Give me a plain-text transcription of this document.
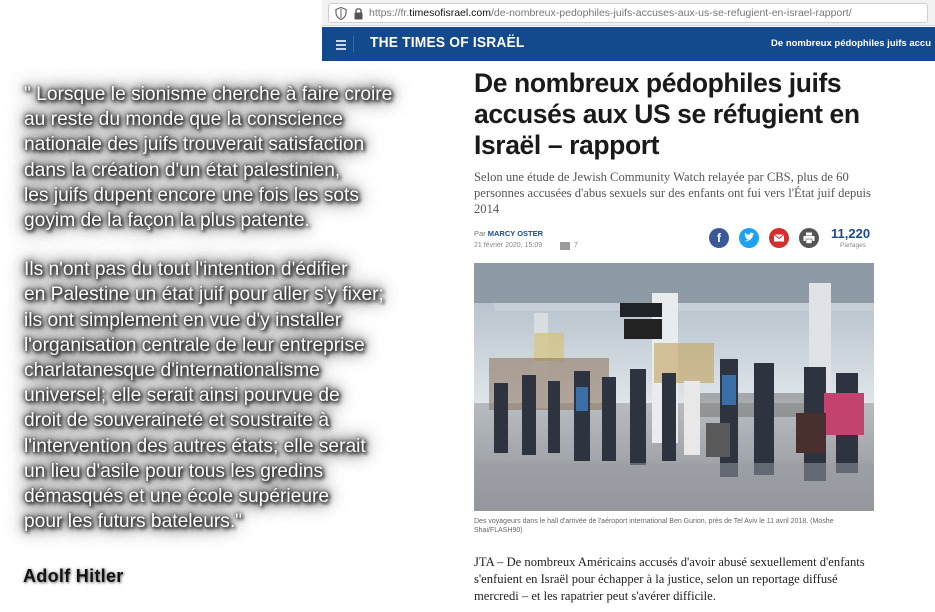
https://fr.timesofisrael.com/de-nombreux-pedophiles-juifs-accuses-aux-us-se-refugient-en-israel-rapport/
THE TIMES OF ISRAËL	De nombreux pédophiles juifs accu
De nombreux pédophiles juifs accusés aux US se réfugient en Israël – rapport
Selon une étude de Jewish Community Watch relayée par CBS, plus de 60 personnes accusées d'abus sexuels sur des enfants ont fui vers l'État juif depuis 2014
Par MARCY OSTER
21 février 2020, 15:09	7
f	11,220
Partages
Des voyageurs dans le hall d'arrivée de l'aéroport international Ben Gurion, près de Tel Aviv le 11 avril 2018. (Moshe Shai/FLASH90)
JTA – De nombreux Américains accusés d'avoir abusé sexuellement d'enfants s'enfuient en Israël pour échapper à la justice, selon un reportage diffusé mercredi – et les rapatrier peut s'avérer difficile.

" Lorsque le sionisme cherche à faire croire
au reste du monde que la conscience
nationale des juifs trouverait satisfaction
dans la création d'un état palestinien,
les juifs dupent encore une fois les sots
goyim de la façon la plus patente.

Ils n'ont pas du tout l'intention d'édifier
en Palestine un état juif pour aller s'y fixer;
ils ont simplement en vue d'y installer
l'organisation centrale de leur entreprise
charlatanesque d'internationalisme
universel; elle serait ainsi pourvue de
droit de souveraineté et soustraite à
l'intervention des autres états; elle serait
un lieu d'asile pour tous les gredins
démasqués et une école supérieure
pour les futurs bateleurs."

Adolf Hitler
